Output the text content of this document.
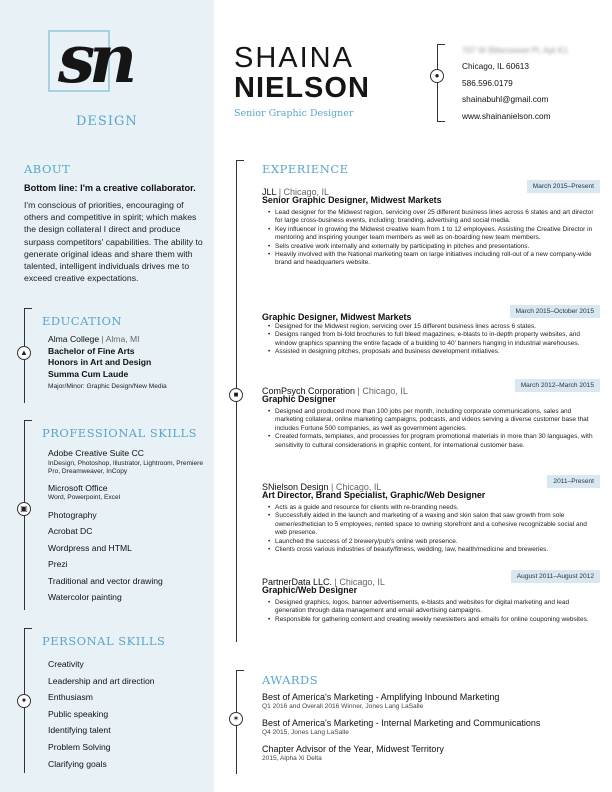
sn
DESIGN
ABOUT
Bottom line: I'm a creative collaborator.
I'm conscious of priorities, encouraging of others and competitive in spirit; which makes the design collateral I direct and produce surpass competitors' capabilities. The ability to generate original ideas and share them with talented, intelligent individuals drives me to exceed creative expectations.
▲
EDUCATION
Alma College | Alma, MI
Bachelor of Fine Arts
Honors in Art and Design
Summa Cum Laude
Major/Minor: Graphic Design/New Media
▣
PROFESSIONAL SKILLS
Adobe Creative Suite CC
InDesign, Photoshop, Illustrator, Lightroom, Premiere Pro, Dreamweaver, InCopy
Microsoft Office
Word, Powerpoint, Excel
Photography
Acrobat DC
Wordpress and HTML
Prezi
Traditional and vector drawing
Watercolor painting
✦
PERSONAL SKILLS
Creativity
Leadership and art direction
Enthusiasm
Public speaking
Identifying talent
Problem Solving
Clarifying goals
SHAINA
NIELSON
Senior Graphic Designer
●
707 W Bittersweet Pl, Apt K1
Chicago, IL 60613
586.596.0179
shainabuhl@gmail.com
www.shainanielson.com
■
EXPERIENCE
JLL | Chicago, IL
March 2015–Present
Senior Graphic Designer, Midwest Markets
• Lead designer for the Midwest region, servicing over 25 different business lines across 6 states and art director for large cross-business events, including: branding, advertising and social media.
• Key influencer in growing the Midwest creative team from 1 to 12 employees. Assisting the Creative Director in mentoring and inspiring younger team members as well as on-boarding new team members.
• Sells creative work internally and externally by participating in pitches and presentations.
• Heavily involved with the National marketing team on large initiatives including roll-out of a new company-wide brand and headquarters website.
Graphic Designer, Midwest Markets
March 2015–October 2015
• Designed for the Midwest region, servicing over 15 different business lines across 6 states.
• Designs ranged from bi-fold brochures to full bleed magazines, e-blasts to in-depth property websites, and window graphics spanning the entire facade of a building to 40' banners hanging in industrial warehouses.
• Assisted in designing pitches, proposals and business development initiatives.
ComPsych Corporation | Chicago, IL
March 2012–March 2015
Graphic Designer
• Designed and produced more than 100 jobs per month, including corporate communications, sales and marketing collateral, online marketing campaigns, podcasts, and videos serving a diverse customer base that includes Fortune 500 companies, as well as government agencies.
• Created formats, templates, and processes for program promotional materials in more than 30 languages, with sensitivity to cultural considerations in graphic content, for international customer base.
SNielson Design | Chicago, IL
2011–Present
Art Director, Brand Specialist, Graphic/Web Designer
• Acts as a guide and resource for clients with re-branding needs.
• Successfully aided in the launch and marketing of a waxing and skin salon that saw growth from sole owner/esthetician to 5 employees, rented space to owning storefront and a cohesive recognizable social and web presence.
• Launched the success of 2 brewery/pub's online web presence.
• Clients cross various industries of beauty/fitness, wedding, law, health/medicine and breweries.
PartnerData LLC. | Chicago, IL
August 2011–August 2012
Graphic/Web Designer
• Designed graphics, logos, banner advertisements, e-blasts and websites for digital marketing and lead generation through data management and email advertising campaigns.
• Responsible for gathering content and creating weekly newsletters and emails for online couponing websites.
✶
AWARDS
Best of America's Marketing - Amplifying Inbound Marketing
Q1 2016 and Overall 2016 Winner, Jones Lang LaSalle
Best of America's Marketing - Internal Marketing and Communications
Q4 2015, Jones Lang LaSalle
Chapter Advisor of the Year, Midwest Territory
2015, Alpha Xi Delta
